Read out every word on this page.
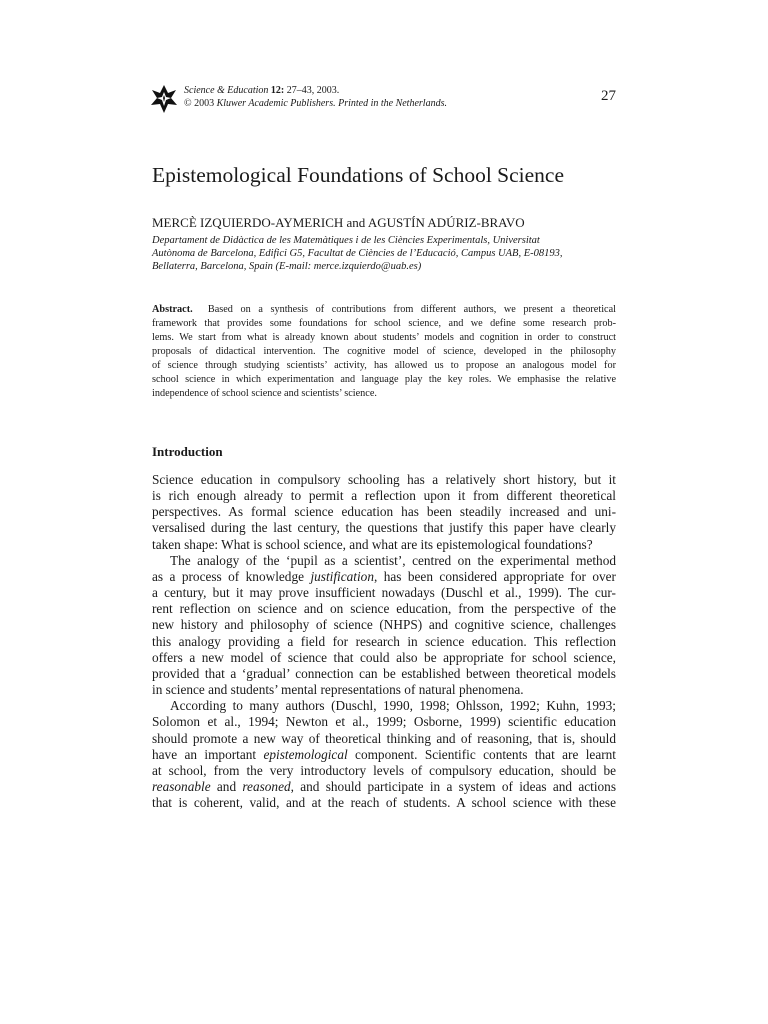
Science & Education 12: 27–43, 2003.
© 2003 Kluwer Academic Publishers. Printed in the Netherlands.	27
Epistemological Foundations of School Science
MERCÈ IZQUIERDO-AYMERICH and AGUSTÍN ADÚRIZ-BRAVO
Departament de Didàctica de les Matemàtiques i de les Ciències Experimentals, Universitat
Autònoma de Barcelona, Edifici G5, Facultat de Ciències de l’Educació, Campus UAB, E-08193,
Bellaterra, Barcelona, Spain (E-mail: merce.izquierdo@uab.es)
Abstract. Based on a synthesis of contributions from different authors, we present a theoretical
framework that provides some foundations for school science, and we define some research prob-
lems. We start from what is already known about students’ models and cognition in order to construct
proposals of didactical intervention. The cognitive model of science, developed in the philosophy
of science through studying scientists’ activity, has allowed us to propose an analogous model for
school science in which experimentation and language play the key roles. We emphasise the relative
independence of school science and scientists’ science.
Introduction
Science education in compulsory schooling has a relatively short history, but it
is rich enough already to permit a reflection upon it from different theoretical
perspectives. As formal science education has been steadily increased and uni-
versalised during the last century, the questions that justify this paper have clearly
taken shape: What is school science, and what are its epistemological foundations?
The analogy of the ‘pupil as a scientist’, centred on the experimental method
as a process of knowledge justification, has been considered appropriate for over
a century, but it may prove insufficient nowadays (Duschl et al., 1999). The cur-
rent reflection on science and on science education, from the perspective of the
new history and philosophy of science (NHPS) and cognitive science, challenges
this analogy providing a field for research in science education. This reflection
offers a new model of science that could also be appropriate for school science,
provided that a ‘gradual’ connection can be established between theoretical models
in science and students’ mental representations of natural phenomena.
According to many authors (Duschl, 1990, 1998; Ohlsson, 1992; Kuhn, 1993;
Solomon et al., 1994; Newton et al., 1999; Osborne, 1999) scientific education
should promote a new way of theoretical thinking and of reasoning, that is, should
have an important epistemological component. Scientific contents that are learnt
at school, from the very introductory levels of compulsory education, should be
reasonable and reasoned, and should participate in a system of ideas and actions
that is coherent, valid, and at the reach of students. A school science with these
